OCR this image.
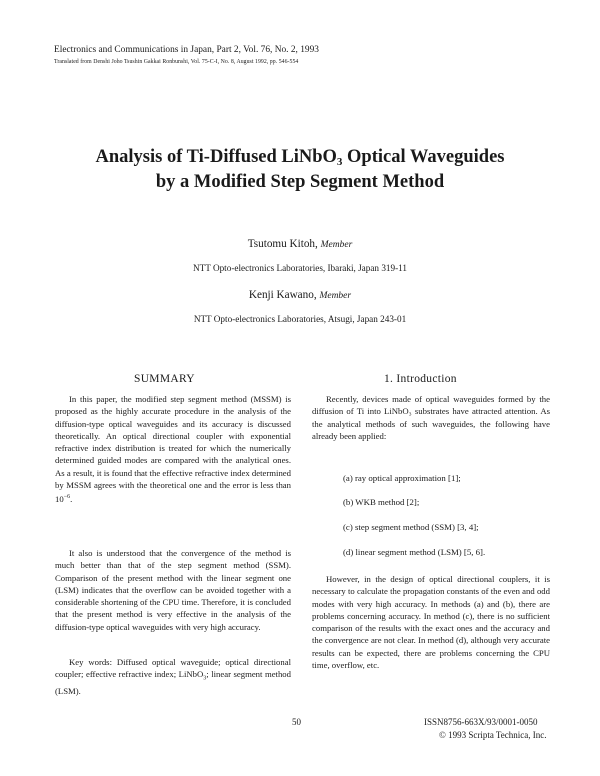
Electronics and Communications in Japan, Part 2, Vol. 76, No. 2, 1993
Translated from Denshi Joho Tsushin Gakkai Ronbunshi, Vol. 75-C-I, No. 8, August 1992, pp. 546-554
Analysis of Ti-Diffused LiNbO$_3$ Optical Waveguides
by a Modified Step Segment Method
Tsutomu Kitoh, Member
NTT Opto-electronics Laboratories, Ibaraki, Japan 319-11
Kenji Kawano, Member
NTT Opto-electronics Laboratories, Atsugi, Japan 243-01
SUMMARY
In this paper, the modified step segment method (MSSM) is proposed as the highly accurate procedure in the analysis of the diffusion-type optical waveguides and its accuracy is discussed theoretically. An optical directional coupler with exponential refractive index distribution is treated for which the numerically determined guided modes are compared with the analytical ones. As a result, it is found that the effective refractive index determined by MSSM agrees with the theoretical one and the error is less than $10^{-6}$.
It also is understood that the convergence of the method is much better than that of the step segment method (SSM). Comparison of the present method with the linear segment one (LSM) indicates that the overflow can be avoided together with a considerable shortening of the CPU time. Therefore, it is concluded that the present method is very effective in the analysis of the diffusion-type optical waveguides with very high accuracy.
Key words: Diffused optical waveguide; optical directional coupler; effective refractive index; LiNbO$_3$; linear segment method (LSM).
1. Introduction
Recently, devices made of optical waveguides formed by the diffusion of Ti into LiNbO₃ substrates have attracted attention. As the analytical methods of such waveguides, the following have already been applied:
(a) ray optical approximation [1];
(b) WKB method [2];
(c) step segment method (SSM) [3, 4];
(d) linear segment method (LSM) [5, 6].
However, in the design of optical directional couplers, it is necessary to calculate the propagation constants of the even and odd modes with very high accuracy. In methods (a) and (b), there are problems concerning accuracy. In method (c), there is no sufficient comparison of the results with the exact ones and the accuracy and the convergence are not clear. In method (d), although very accurate results can be expected, there are problems concerning the CPU time, overflow, etc.
50	ISSN8756-663X/93/0001-0050
© 1993 Scripta Technica, Inc.
